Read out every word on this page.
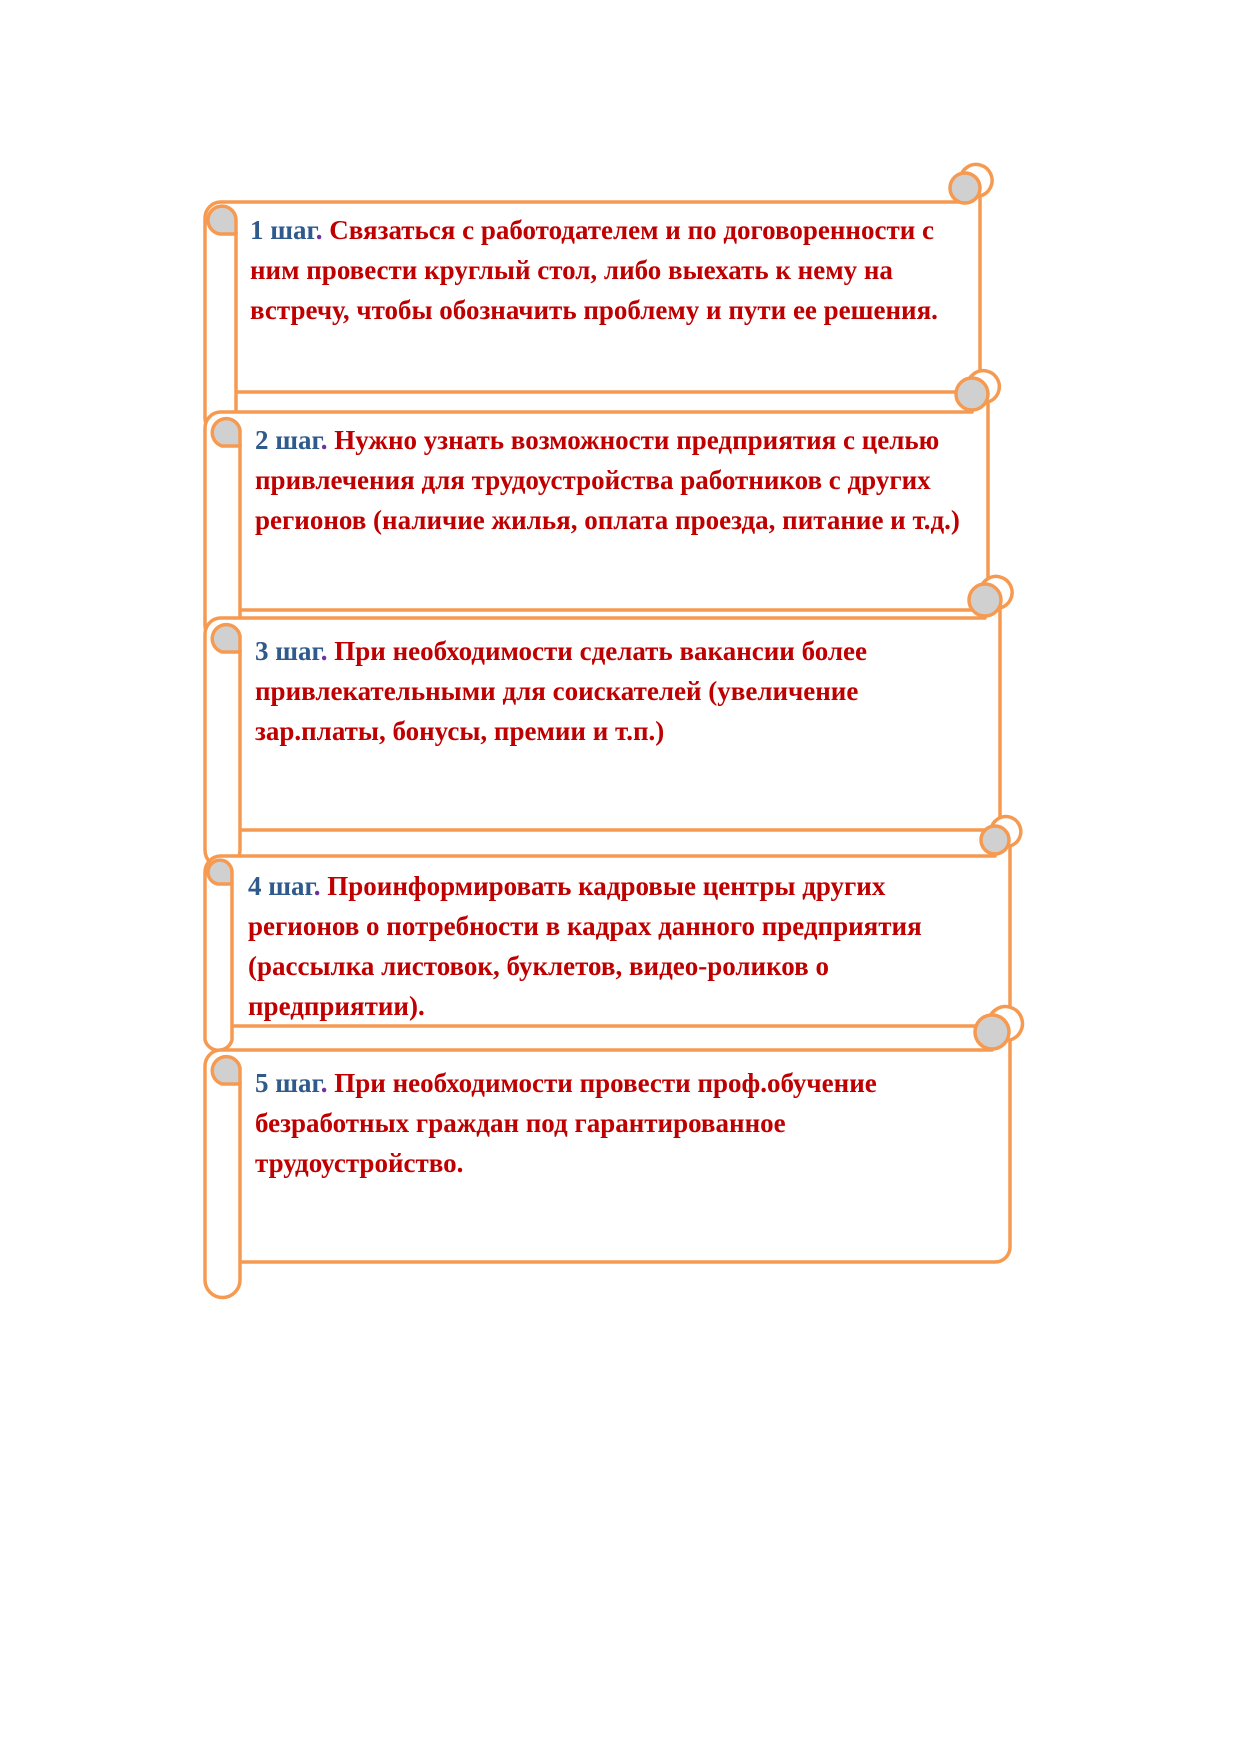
1 шаг. Связаться с работодателем и по договоренности с ним провести круглый стол, либо выехать к нему на встречу, чтобы обозначить проблему и пути ее решения.

2 шаг. Нужно узнать возможности предприятия с целью привлечения для трудоустройства работников с других регионов (наличие жилья, оплата проезда, питание и т.д.)

3 шаг. При необходимости сделать вакансии более привлекательными для соискателей (увеличение зар.платы, бонусы, премии и т.п.)

4 шаг. Проинформировать кадровые центры других регионов о потребности в кадрах данного предприятия (рассылка листовок, буклетов, видео-роликов о предприятии).

5 шаг. При необходимости провести проф.обучение безработных граждан под гарантированное трудоустройство.
